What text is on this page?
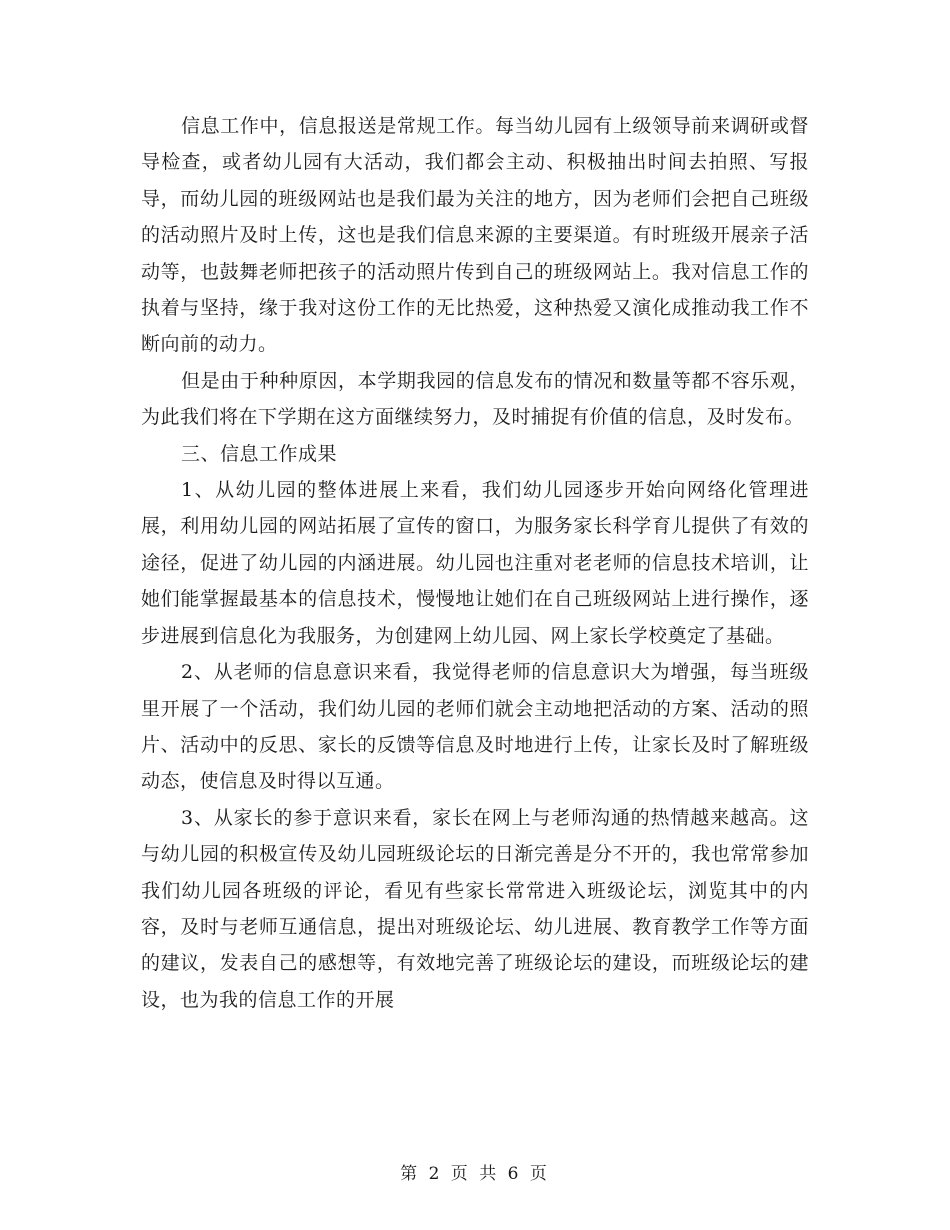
信息工作中，信息报送是常规工作。每当幼儿园有上级领导前来调研或督导检查，或者幼儿园有大活动，我们都会主动、积极抽出时间去拍照、写报导，而幼儿园的班级网站也是我们最为关注的地方，因为老师们会把自己班级的活动照片及时上传，这也是我们信息来源的主要渠道。有时班级开展亲子活动等，也鼓舞老师把孩子的活动照片传到自己的班级网站上。我对信息工作的执着与坚持，缘于我对这份工作的无比热爱，这种热爱又演化成推动我工作不断向前的动力。

但是由于种种原因，本学期我园的信息发布的情况和数量等都不容乐观，为此我们将在下学期在这方面继续努力，及时捕捉有价值的信息，及时发布。

三、信息工作成果

1、从幼儿园的整体进展上来看，我们幼儿园逐步开始向网络化管理进展，利用幼儿园的网站拓展了宣传的窗口，为服务家长科学育儿提供了有效的途径，促进了幼儿园的内涵进展。幼儿园也注重对老老师的信息技术培训，让她们能掌握最基本的信息技术，慢慢地让她们在自己班级网站上进行操作，逐步进展到信息化为我服务，为创建网上幼儿园、网上家长学校奠定了基础。

2、从老师的信息意识来看，我觉得老师的信息意识大为增强，每当班级里开展了一个活动，我们幼儿园的老师们就会主动地把活动的方案、活动的照片、活动中的反思、家长的反馈等信息及时地进行上传，让家长及时了解班级动态，使信息及时得以互通。

3、从家长的参于意识来看，家长在网上与老师沟通的热情越来越高。这与幼儿园的积极宣传及幼儿园班级论坛的日渐完善是分不开的，我也常常参加我们幼儿园各班级的评论，看见有些家长常常进入班级论坛，浏览其中的内容，及时与老师互通信息，提出对班级论坛、幼儿进展、教育教学工作等方面的建议，发表自己的感想等，有效地完善了班级论坛的建设，而班级论坛的建设，也为我的信息工作的开展

第 2 页 共 6 页
